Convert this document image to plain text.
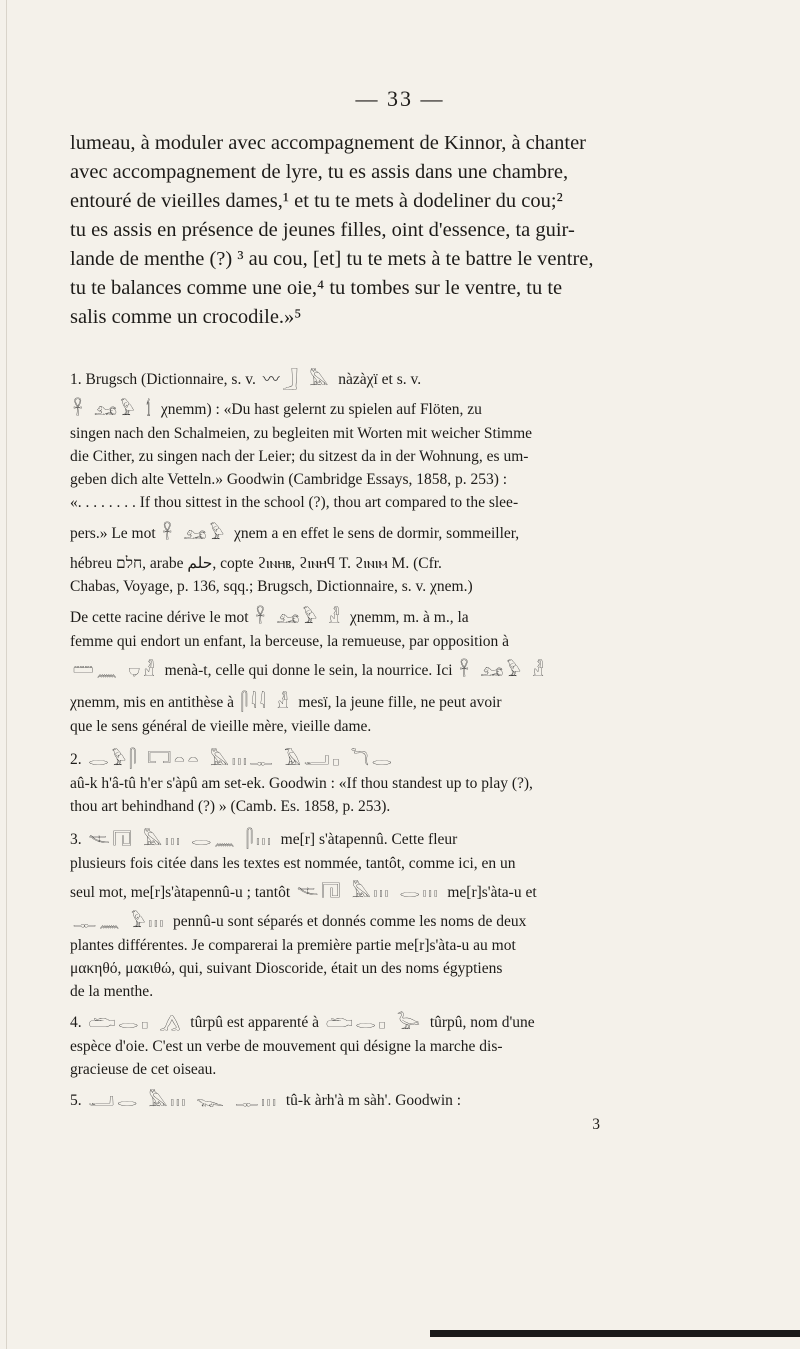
— 33 —
lumeau, à moduler avec accompagnement de Kinnor, à chanter
avec accompagnement de lyre, tu es assis dans une chambre,
entouré de vieilles dames,¹ et tu te mets à dodeliner du cou;²
tu es assis en présence de jeunes filles, oint d'essence, ta guir-
lande de menthe (?) ³ au cou, [et] tu te mets à te battre le ventre,
tu te balances comme une oie,⁴ tu tombes sur le ventre, tu te
salis comme un crocodile.»⁵

1. Brugsch (Dictionnaire, s. v. 〰𓃀 𓅓 nàzàχï et s. v.

𓋹 𓃭𓅱 𓌀 χnemm) : «Du hast gelernt zu spielen auf Flöten, zu

singen nach den Schalmeien, zu begleiten mit Worten mit weicher Stimme

die Cither, zu singen nach der Leier; du sitzest da in der Wohnung, es um-

geben dich alte Vetteln.» Goodwin (Cambridge Essays, 1858, p. 253) :

«. . . . . . . . If thou sittest in the school (?), thou art compared to the slee-

pers.» Le mot 𓋹 𓃭𓅱 χnem a en effet le sens de dormir, sommeiller,

hébreu חלם, arabe حلم, copte ϩⲓⲛⲏⲃ, ϩⲓⲛⲏϥ T. ϩⲓⲛⲓⲙ M. (Cfr.

Chabas, Voyage, p. 136, sqq.; Brugsch, Dictionnaire, s. v. χnem.)

De cette racine dérive le mot 𓋹 𓃭𓅱 𓁐 χnemm, m. à m., la

femme qui endort un enfant, la berceuse, la remueuse, par opposition à

𓏠𓈖 𓂑𓁐 menà-t, celle qui donne le sein, la nourrice. Ici 𓋹 𓃭𓅱 𓁐

χnemm, mis en antithèse à 𓋴𓇋𓇋 𓁐 mesï, la jeune fille, ne peut avoir

que le sens général de vieille mère, vieille dame.

2. 𓂋𓅱𓋴 𓉐𓏏𓏏 𓅓𓏥𓊃 𓄿𓂝𓊪 𓆓𓂋

aû-k h'â-tû h'er s'àpû am set-ek. Goodwin : «If thou standest up to play (?),

thou art behindhand (?) » (Camb. Es. 1858, p. 253).

3. 𓌻𓉔 𓅓𓏥 𓂋𓈖 𓋴𓏥 me[r] s'àtapennû. Cette fleur

plusieurs fois citée dans les textes est nommée, tantôt, comme ici, en un

seul mot, me[r]s'àtapennû-u ; tantôt 𓌻𓉔 𓅓𓏥 𓂋𓏥 me[r]s'àta-u et

𓊃𓈖 𓅱𓏥 pennû-u sont séparés et donnés comme les noms de deux

plantes différentes. Je comparerai la première partie me[r]s'àta-u au mot

μακηθό, μακιθώ, qui, suivant Dioscoride, était un des noms égyptiens

de la menthe.

4. 𓂧𓂋𓊪 𓂻 tûrpû est apparenté à 𓂧𓂋𓊪 𓅬 tûrpû, nom d'une

espèce d'oie. C'est un verbe de mouvement qui désigne la marche dis-

gracieuse de cet oiseau.

5. 𓂝𓂋 𓅓𓏥 𓆊 𓊃𓏥 tû-k àrh'à m sàh'. Goodwin :

3
